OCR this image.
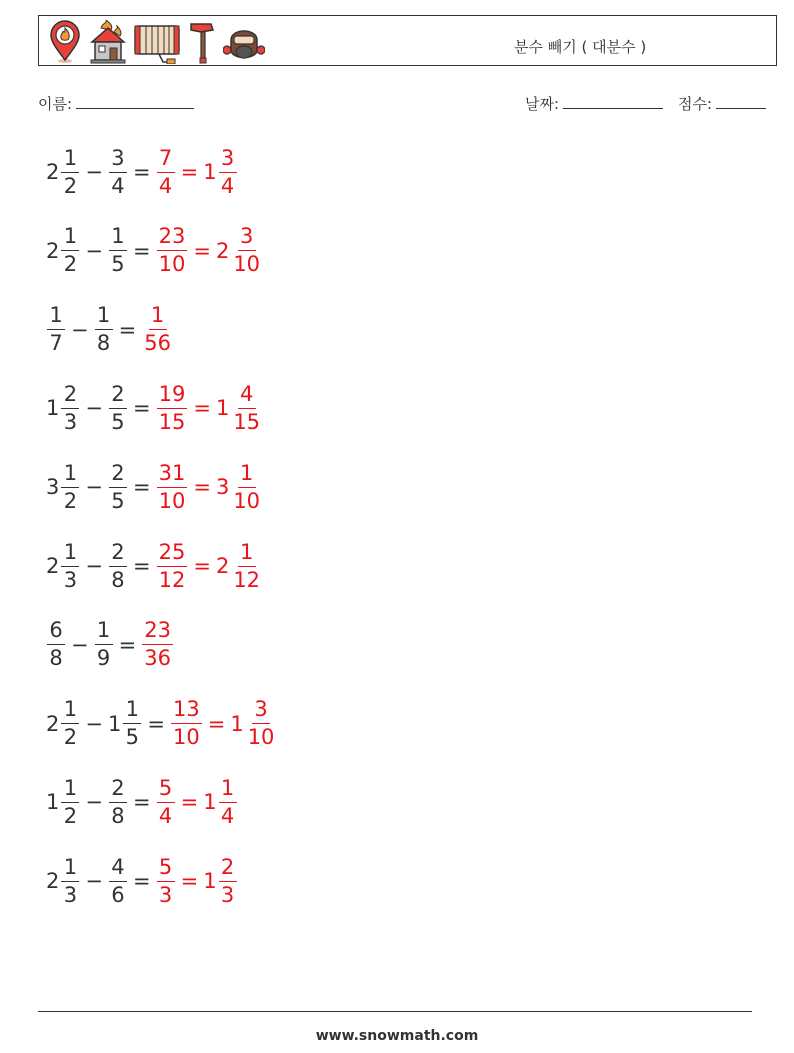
분수 빼기 ( 대분수 )
이름:	날짜:	점수:
$2 \frac{1}{2} - \frac{3}{4} = \frac{7}{4} = 1 \frac{3}{4}$
$2 \frac{1}{2} - \frac{1}{5} = \frac{23}{10} = 2 \frac{3}{10}$
$\frac{1}{7} - \frac{1}{8} = \frac{1}{56}$
$1 \frac{2}{3} - \frac{2}{5} = \frac{19}{15} = 1 \frac{4}{15}$
$3 \frac{1}{2} - \frac{2}{5} = \frac{31}{10} = 3 \frac{1}{10}$
$2 \frac{1}{3} - \frac{2}{8} = \frac{25}{12} = 2 \frac{1}{12}$
$\frac{6}{8} - \frac{1}{9} = \frac{23}{36}$
$2 \frac{1}{2} - 1 \frac{1}{5} = \frac{13}{10} = 1 \frac{3}{10}$
$1 \frac{1}{2} - \frac{2}{8} = \frac{5}{4} = 1 \frac{1}{4}$
$2 \frac{1}{3} - \frac{4}{6} = \frac{5}{3} = 1 \frac{2}{3}$
www.snowmath.com
